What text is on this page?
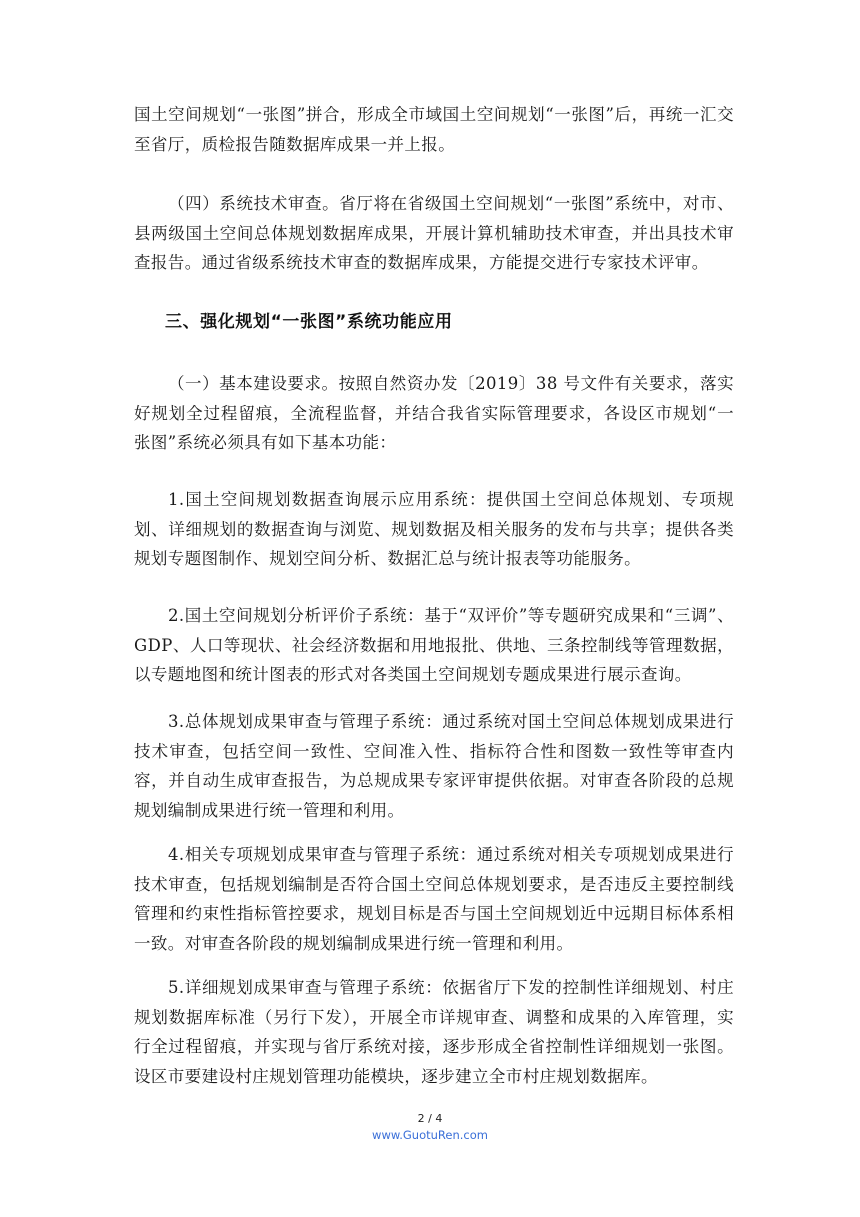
国土空间规划“一张图”拼合，形成全市域国土空间规划“一张图”后，再统一汇交至省厅，质检报告随数据库成果一并上报。

（四）系统技术审查。省厅将在省级国土空间规划“一张图”系统中，对市、县两级国土空间总体规划数据库成果，开展计算机辅助技术审查，并出具技术审查报告。通过省级系统技术审查的数据库成果，方能提交进行专家技术评审。

三、强化规划“一张图”系统功能应用

（一）基本建设要求。按照自然资办发〔2019〕38 号文件有关要求，落实好规划全过程留痕，全流程监督，并结合我省实际管理要求，各设区市规划“一张图”系统必须具有如下基本功能：

1.国土空间规划数据查询展示应用系统：提供国土空间总体规划、专项规划、详细规划的数据查询与浏览、规划数据及相关服务的发布与共享；提供各类规划专题图制作、规划空间分析、数据汇总与统计报表等功能服务。

2.国土空间规划分析评价子系统：基于“双评价”等专题研究成果和“三调”、GDP、人口等现状、社会经济数据和用地报批、供地、三条控制线等管理数据，以专题地图和统计图表的形式对各类国土空间规划专题成果进行展示查询。

3.总体规划成果审查与管理子系统：通过系统对国土空间总体规划成果进行技术审查，包括空间一致性、空间准入性、指标符合性和图数一致性等审查内容，并自动生成审查报告，为总规成果专家评审提供依据。对审查各阶段的总规规划编制成果进行统一管理和利用。

4.相关专项规划成果审查与管理子系统：通过系统对相关专项规划成果进行技术审查，包括规划编制是否符合国土空间总体规划要求，是否违反主要控制线管理和约束性指标管控要求，规划目标是否与国土空间规划近中远期目标体系相一致。对审查各阶段的规划编制成果进行统一管理和利用。

5.详细规划成果审查与管理子系统：依据省厅下发的控制性详细规划、村庄规划数据库标准（另行下发），开展全市详规审查、调整和成果的入库管理，实行全过程留痕，并实现与省厅系统对接，逐步形成全省控制性详细规划一张图。设区市要建设村庄规划管理功能模块，逐步建立全市村庄规划数据库。

2 / 4
www.GuotuRen.com
